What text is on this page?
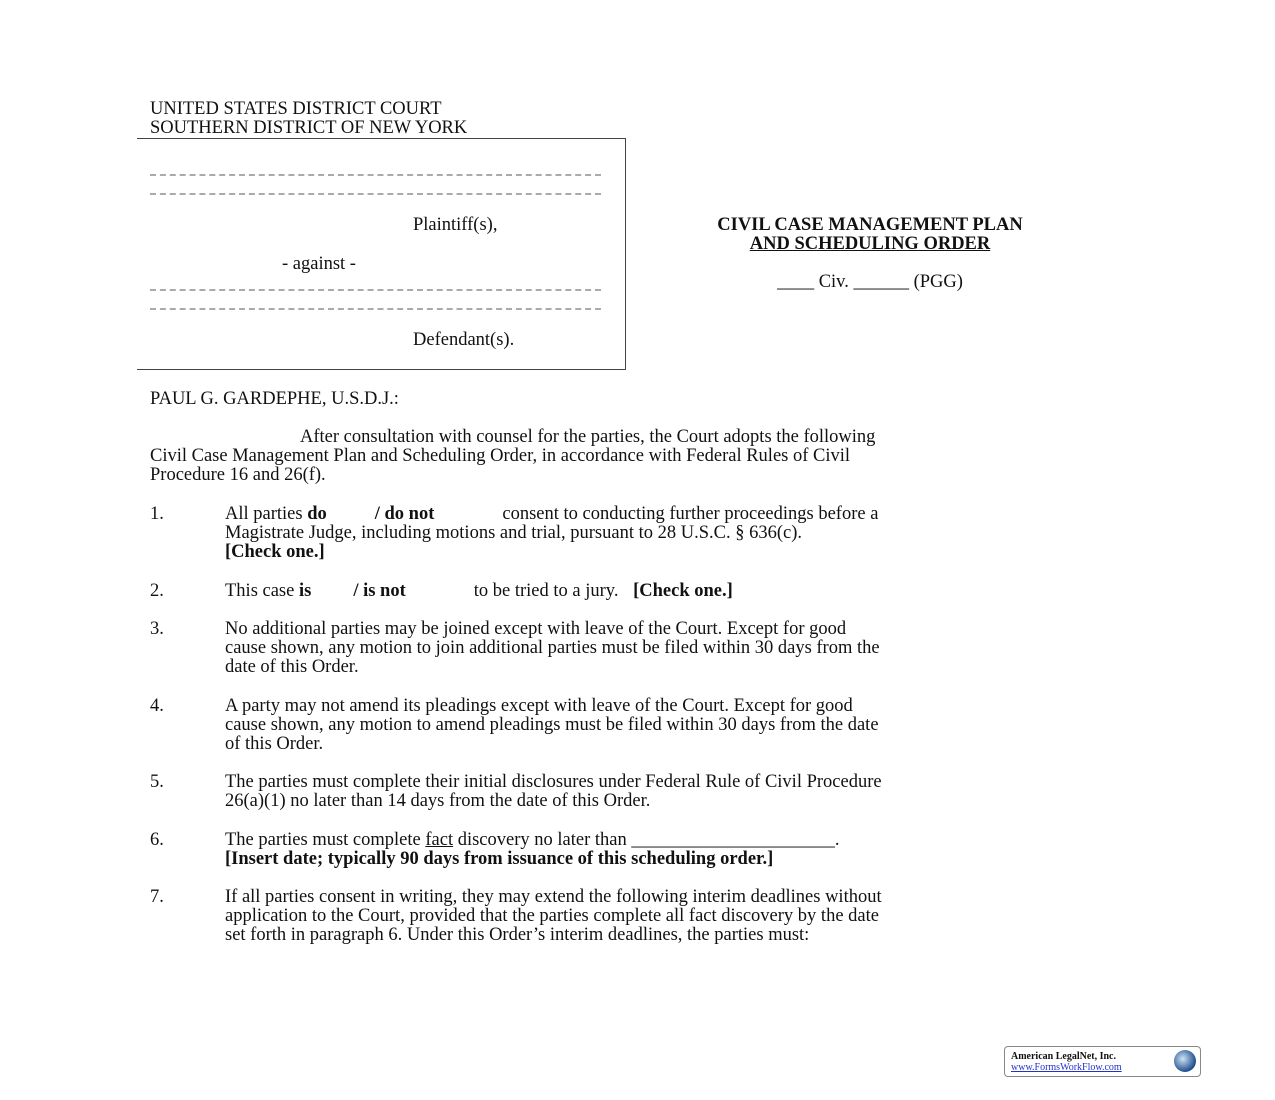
UNITED STATES DISTRICT COURT
SOUTHERN DISTRICT OF NEW YORK
Plaintiff(s),
- against -
Defendant(s).
CIVIL CASE MANAGEMENT PLAN
AND SCHEDULING ORDER
____ Civ. ______ (PGG)
PAUL G. GARDEPHE, U.S.D.J.:
After consultation with counsel for the parties, the Court adopts the following
Civil Case Management Plan and Scheduling Order, in accordance with Federal Rules of Civil
Procedure 16 and 26(f).
1.	All parties do	/ do not	consent to conducting further proceedings before a
Magistrate Judge, including motions and trial, pursuant to 28 U.S.C. § 636(c).
[Check one.]
2.	This case is / is not	to be tried to a jury. [Check one.]
3.	No additional parties may be joined except with leave of the Court. Except for good
cause shown, any motion to join additional parties must be filed within 30 days from the
date of this Order.
4.	A party may not amend its pleadings except with leave of the Court. Except for good
cause shown, any motion to amend pleadings must be filed within 30 days from the date
of this Order.
5.	The parties must complete their initial disclosures under Federal Rule of Civil Procedure
26(a)(1) no later than 14 days from the date of this Order.
6.	The parties must complete fact discovery no later than ______________________.
[Insert date; typically 90 days from issuance of this scheduling order.]
7.	If all parties consent in writing, they may extend the following interim deadlines without
application to the Court, provided that the parties complete all fact discovery by the date
set forth in paragraph 6. Under this Order’s interim deadlines, the parties must:
American LegalNet, Inc.
www.FormsWorkFlow.com
